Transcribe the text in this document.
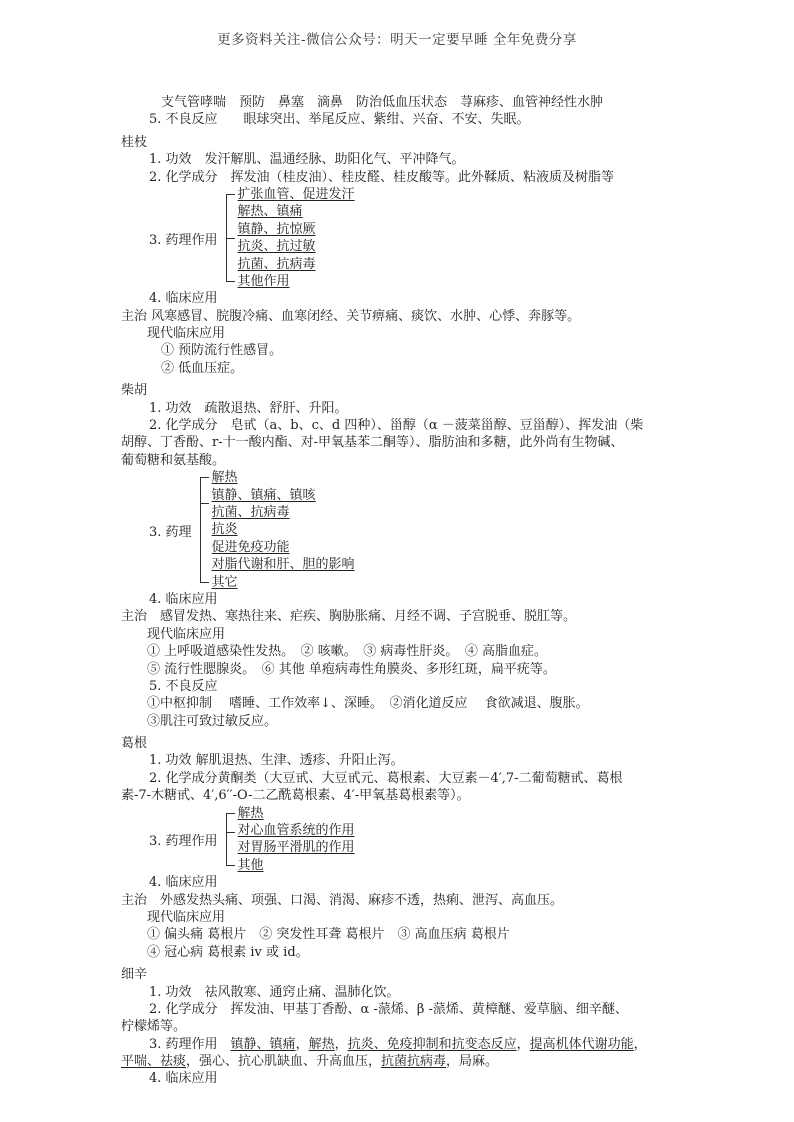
更多资料关注-微信公众号：明天一定要早睡 全年免费分享
支气管哮喘　预防　鼻塞　滴鼻　防治低血压状态　荨麻疹、血管神经性水肿
5. 不良反应　　眼球突出、举尾反应、紫绀、兴奋、不安、失眠。
桂枝
1. 功效　发汗解肌、温通经脉、助阳化气、平冲降气。
2. 化学成分　挥发油（桂皮油）、桂皮醛、桂皮酸等。此外鞣质、粘液质及树脂等
3. 药理作用
扩张血管、促进发汗
解热、镇痛
镇静、抗惊厥
抗炎、抗过敏
抗菌、抗病毒
其他作用
4. 临床应用
主治 风寒感冒、脘腹冷痛、血寒闭经、关节痹痛、痰饮、水肿、心悸、奔豚等。
现代临床应用
① 预防流行性感冒。
② 低血压症。
柴胡
1. 功效　疏散退热、舒肝、升阳。
2. 化学成分　皂甙（a、b、c、d 四种）、甾醇（α －菠菜甾醇、豆甾醇）、挥发油（柴
胡醇、丁香酚、r-十一酸内酯、对-甲氧基苯二酮等）、脂肪油和多糖，此外尚有生物碱、
葡萄糖和氨基酸。
3. 药理
解热
镇静、镇痛、镇咳
抗菌、抗病毒
抗炎
促进免疫功能
对脂代谢和肝、胆的影响
其它
4. 临床应用
主治　感冒发热、寒热往来、疟疾、胸胁胀痛、月经不调、子宫脱垂、脱肛等。
现代临床应用
① 上呼吸道感染性发热。　② 咳嗽。　③ 病毒性肝炎。　④ 高脂血症。
⑤ 流行性腮腺炎。　⑥ 其他 单疱病毒性角膜炎、多形红斑，扁平疣等。
5. 不良反应
①中枢抑制　 嗜睡、工作效率↓、深睡。　②消化道反应　 食欲减退、腹胀。
③肌注可致过敏反应。
葛根
1. 功效 解肌退热、生津、透疹、升阳止泻。
2. 化学成分黄酮类（大豆甙、大豆甙元、葛根素、大豆素－4′,7-二葡萄糖甙、葛根
素-7-木糖甙、4′,6′′-O-二乙酰葛根素、4′-甲氧基葛根素等）。
3. 药理作用
解热
对心血管系统的作用
对胃肠平滑肌的作用
其他
4. 临床应用
主治　外感发热头痛、项强、口渴、消渴、麻疹不透，热痢、泄泻、高血压。
现代临床应用
① 偏头痛 葛根片　② 突发性耳聋 葛根片　③ 高血压病 葛根片
④ 冠心病 葛根素 iv 或 id。
细辛
1. 功效　祛风散寒、通窍止痛、温肺化饮。
2. 化学成分　挥发油、甲基丁香酚、α -蒎烯、β -蒎烯、黄樟醚、爱草脑、细辛醚、
柠檬烯等。
3. 药理作用　镇静、镇痛，解热，抗炎、免疫抑制和抗变态反应，提高机体代谢功能，
平喘、祛痰，强心、抗心肌缺血、升高血压，抗菌抗病毒，局麻。
4. 临床应用
